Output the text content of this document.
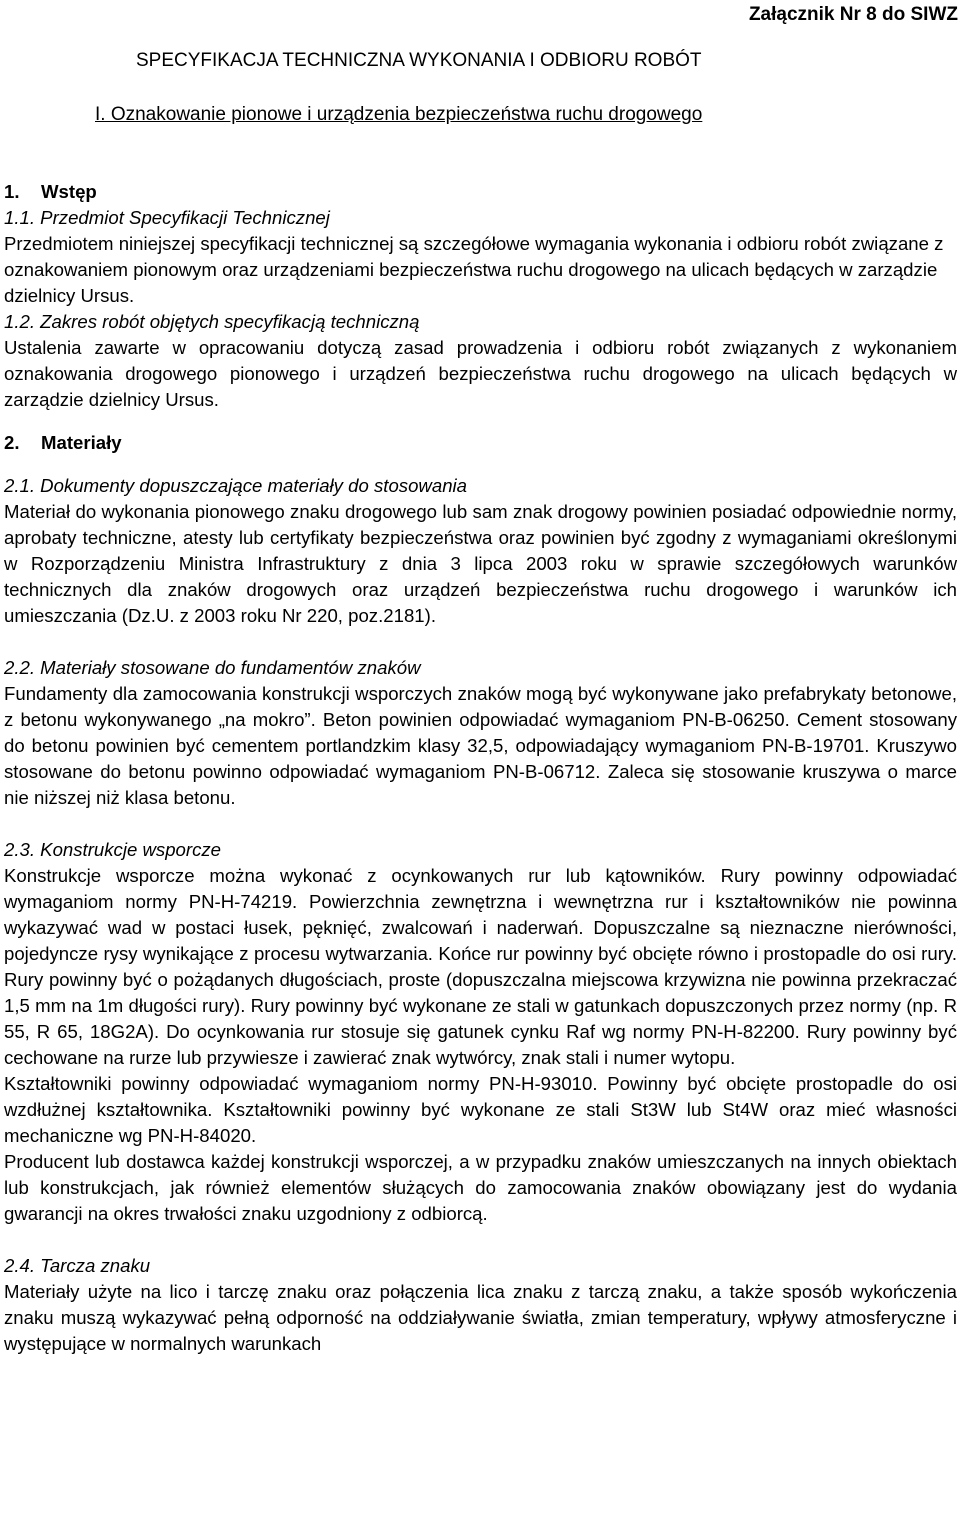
Załącznik Nr 8 do SIWZ
SPECYFIKACJA TECHNICZNA WYKONANIA I ODBIORU ROBÓT
I. Oznakowanie pionowe i urządzenia bezpieczeństwa ruchu drogowego

1. Wstęp

1.1. Przedmiot Specyfikacji Technicznej

Przedmiotem niniejszej specyfikacji technicznej są szczegółowe wymagania wykonania i odbioru robót związane z oznakowaniem pionowym oraz urządzeniami bezpieczeństwa ruchu drogowego na ulicach będących w zarządzie dzielnicy Ursus.

1.2. Zakres robót objętych specyfikacją techniczną

Ustalenia zawarte w opracowaniu dotyczą zasad prowadzenia i odbioru robót związanych z wykonaniem oznakowania drogowego pionowego i urządzeń bezpieczeństwa ruchu drogowego na ulicach będących w zarządzie dzielnicy Ursus.

2. Materiały

2.1. Dokumenty dopuszczające materiały do stosowania

Materiał do wykonania pionowego znaku drogowego lub sam znak drogowy powinien posiadać odpowiednie normy, aprobaty techniczne, atesty lub certyfikaty bezpieczeństwa oraz powinien być zgodny z wymaganiami określonymi w Rozporządzeniu Ministra Infrastruktury z dnia 3 lipca 2003 roku w sprawie szczegółowych warunków technicznych dla znaków drogowych oraz urządzeń bezpieczeństwa ruchu drogowego i warunków ich umieszczania (Dz.U. z 2003 roku Nr 220, poz.2181).

2.2. Materiały stosowane do fundamentów znaków

Fundamenty dla zamocowania konstrukcji wsporczych znaków mogą być wykonywane jako prefabrykaty betonowe, z betonu wykonywanego „na mokro”. Beton powinien odpowiadać wymaganiom PN-B-06250. Cement stosowany do betonu powinien być cementem portlandzkim klasy 32,5, odpowiadający wymaganiom PN-B-19701. Kruszywo stosowane do betonu powinno odpowiadać wymaganiom PN-B-06712. Zaleca się stosowanie kruszywa o marce nie niższej niż klasa betonu.

2.3. Konstrukcje wsporcze

Konstrukcje wsporcze można wykonać z ocynkowanych rur lub kątowników. Rury powinny odpowiadać wymaganiom normy PN-H-74219. Powierzchnia zewnętrzna i wewnętrzna rur i kształtowników nie powinna wykazywać wad w postaci łusek, pęknięć, zwalcowań i naderwań. Dopuszczalne są nieznaczne nierówności, pojedyncze rysy wynikające z procesu wytwarzania. Końce rur powinny być obcięte równo i prostopadle do osi rury. Rury powinny być o pożądanych długościach, proste (dopuszczalna miejscowa krzywizna nie powinna przekraczać 1,5 mm na 1m długości rury). Rury powinny być wykonane ze stali w gatunkach dopuszczonych przez normy (np. R 55, R 65, 18G2A). Do ocynkowania rur stosuje się gatunek cynku Raf wg normy PN-H-82200. Rury powinny być cechowane na rurze lub przywiesze i zawierać znak wytwórcy, znak stali i numer wytopu.

Kształtowniki powinny odpowiadać wymaganiom normy PN-H-93010. Powinny być obcięte prostopadle do osi wzdłużnej kształtownika. Kształtowniki powinny być wykonane ze stali St3W lub St4W oraz mieć własności mechaniczne wg PN-H-84020.

Producent lub dostawca każdej konstrukcji wsporczej, a w przypadku znaków umieszczanych na innych obiektach lub konstrukcjach, jak również elementów służących do zamocowania znaków obowiązany jest do wydania gwarancji na okres trwałości znaku uzgodniony z odbiorcą.

2.4. Tarcza znaku

Materiały użyte na lico i tarczę znaku oraz połączenia lica znaku z tarczą znaku, a także sposób wykończenia znaku muszą wykazywać pełną odporność na oddziaływanie światła, zmian temperatury, wpływy atmosferyczne i występujące w normalnych warunkach
